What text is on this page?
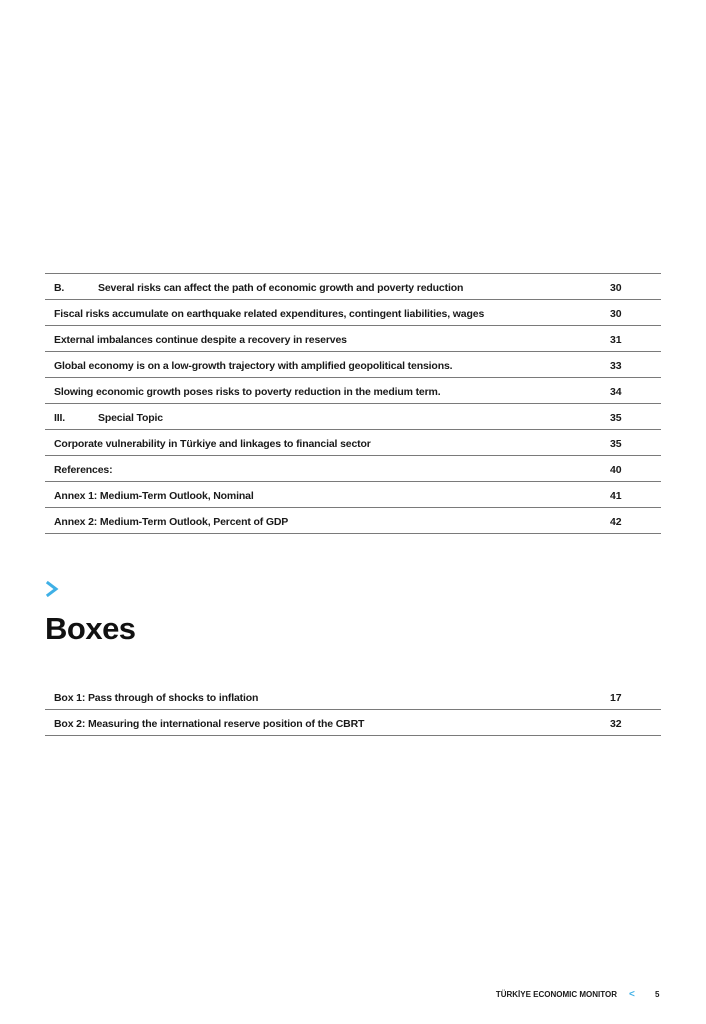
B.	Several risks can affect the path of economic growth and poverty reduction	30
Fiscal risks accumulate on earthquake related expenditures, contingent liabilities, wages	30
External imbalances continue despite a recovery in reserves	31
Global economy is on a low-growth trajectory with amplified geopolitical tensions.	33
Slowing economic growth poses risks to poverty reduction in the medium term.	34
III.	Special Topic	35
Corporate vulnerability in Türkiye and linkages to financial sector	35
References:	40
Annex 1: Medium-Term Outlook, Nominal	41
Annex 2: Medium-Term Outlook, Percent of GDP	42
Boxes
Box 1: Pass through of shocks to inflation	17
Box 2: Measuring the international reserve position of the CBRT	32
TÜRKİYE ECONOMIC MONITOR <	5
